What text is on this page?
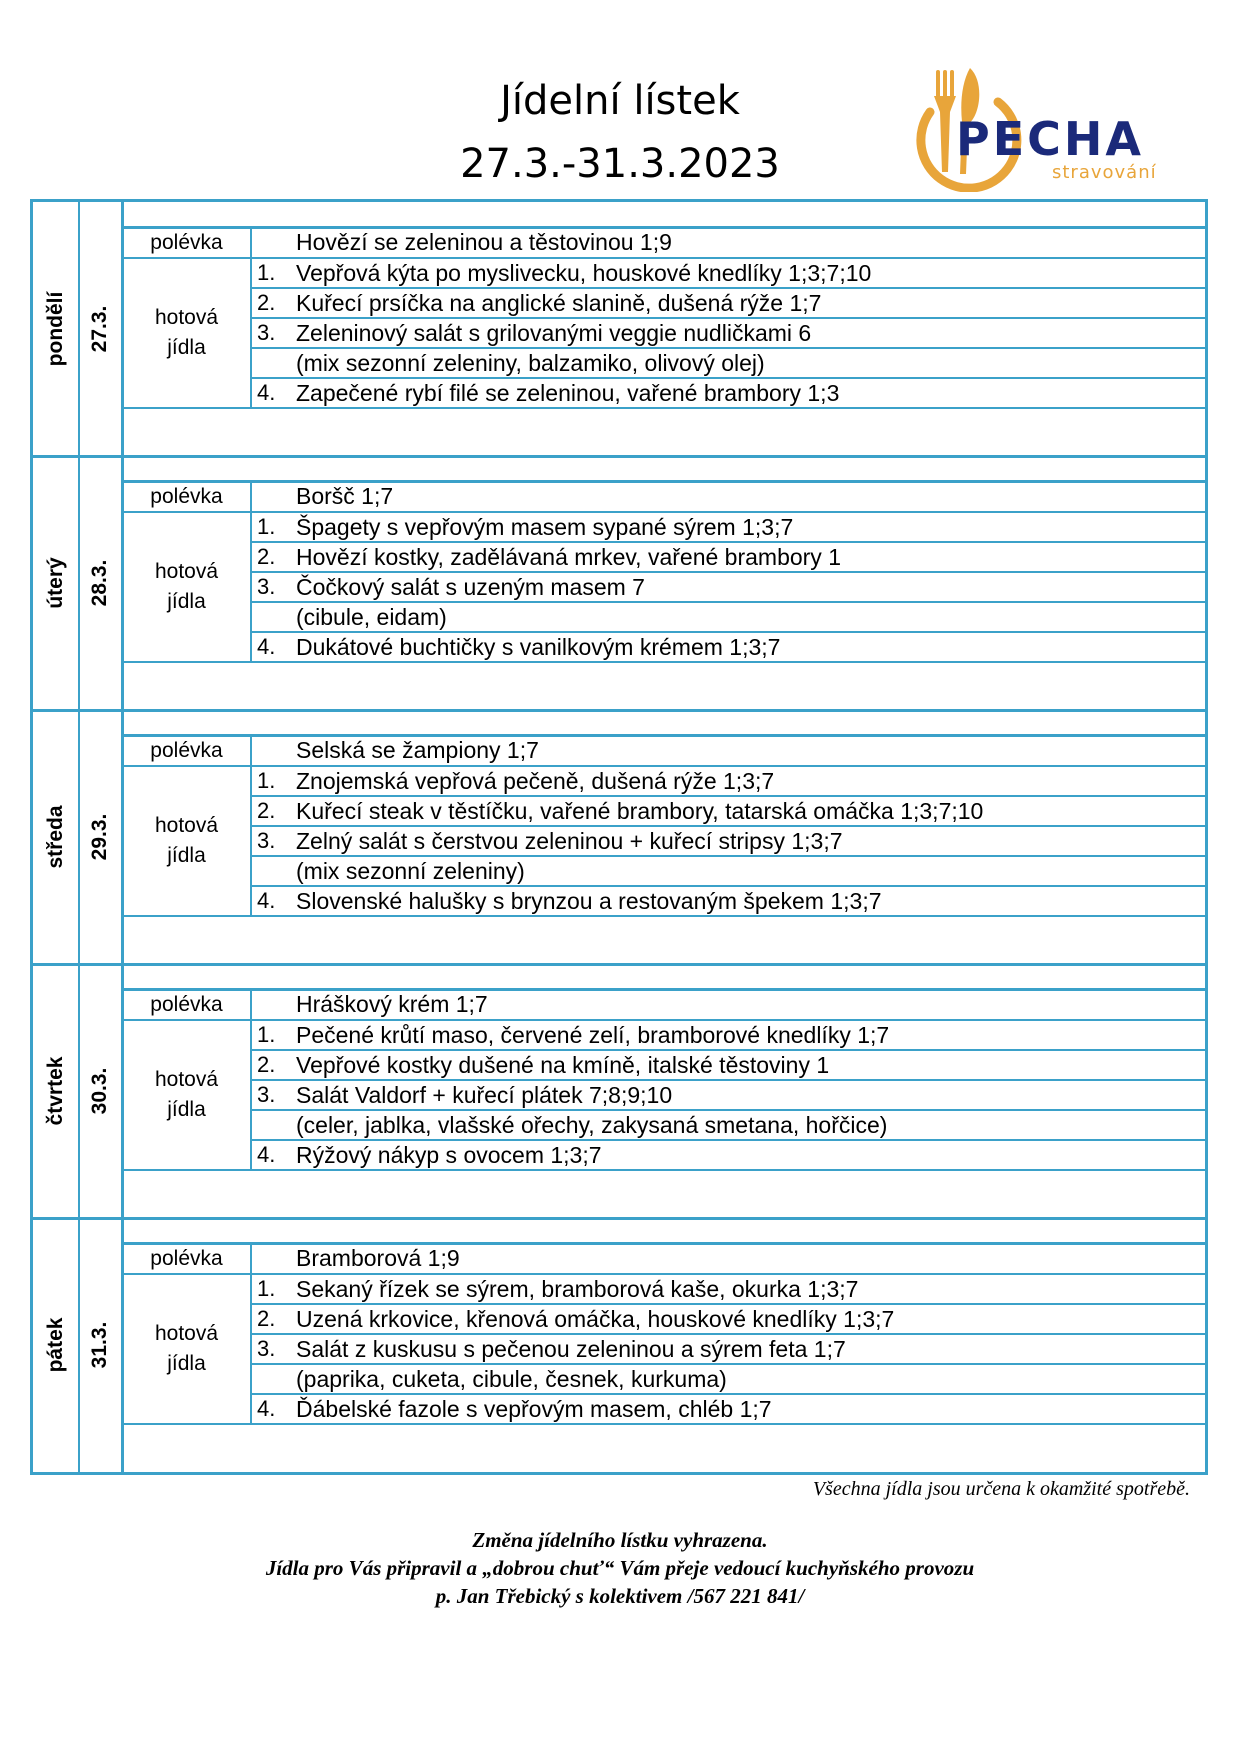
Jídelní lístek
27.3.-31.3.2023	PECHA
stravování
pondělí 27.3.
polévka	Hovězí se zeleninou a těstovinou 1;9
hotová
jídla
1. Vepřová kýta po myslivecku, houskové knedlíky 1;3;7;10
2. Kuřecí prsíčka na anglické slanině, dušená rýže 1;7
3. Zeleninový salát s grilovanými veggie nudličkami 6
(mix sezonní zeleniny, balzamiko, olivový olej)
4. Zapečené rybí filé se zeleninou, vařené brambory 1;3
úterý 28.3.
polévka	Boršč 1;7
hotová
jídla
1. Špagety s vepřovým masem sypané sýrem 1;3;7
2. Hovězí kostky, zadělávaná mrkev, vařené brambory 1
3. Čočkový salát s uzeným masem 7
(cibule, eidam)
4. Dukátové buchtičky s vanilkovým krémem 1;3;7
středa 29.3.
polévka	Selská se žampiony 1;7
hotová
jídla
1. Znojemská vepřová pečeně, dušená rýže 1;3;7
2. Kuřecí steak v těstíčku, vařené brambory, tatarská omáčka 1;3;7;10
3. Zelný salát s čerstvou zeleninou + kuřecí stripsy 1;3;7
(mix sezonní zeleniny)
4. Slovenské halušky s brynzou a restovaným špekem 1;3;7
čtvrtek 30.3.
polévka	Hráškový krém 1;7
hotová
jídla
1. Pečené krůtí maso, červené zelí, bramborové knedlíky 1;7
2. Vepřové kostky dušené na kmíně, italské těstoviny 1
3. Salát Valdorf + kuřecí plátek 7;8;9;10
(celer, jablka, vlašské ořechy, zakysaná smetana, hořčice)
4. Rýžový nákyp s ovocem 1;3;7
pátek 31.3.
polévka	Bramborová 1;9
hotová
jídla
1. Sekaný řízek se sýrem, bramborová kaše, okurka 1;3;7
2. Uzená krkovice, křenová omáčka, houskové knedlíky 1;3;7
3. Salát z kuskusu s pečenou zeleninou a sýrem feta 1;7
(paprika, cuketa, cibule, česnek, kurkuma)
4. Ďábelské fazole s vepřovým masem, chléb 1;7
Všechna jídla jsou určena k okamžité spotřebě.
Změna jídelního lístku vyhrazena.
Jídla pro Vás připravil a „dobrou chuť“ Vám přeje vedoucí kuchyňského provozu
p. Jan Třebický s kolektivem /567 221 841/
